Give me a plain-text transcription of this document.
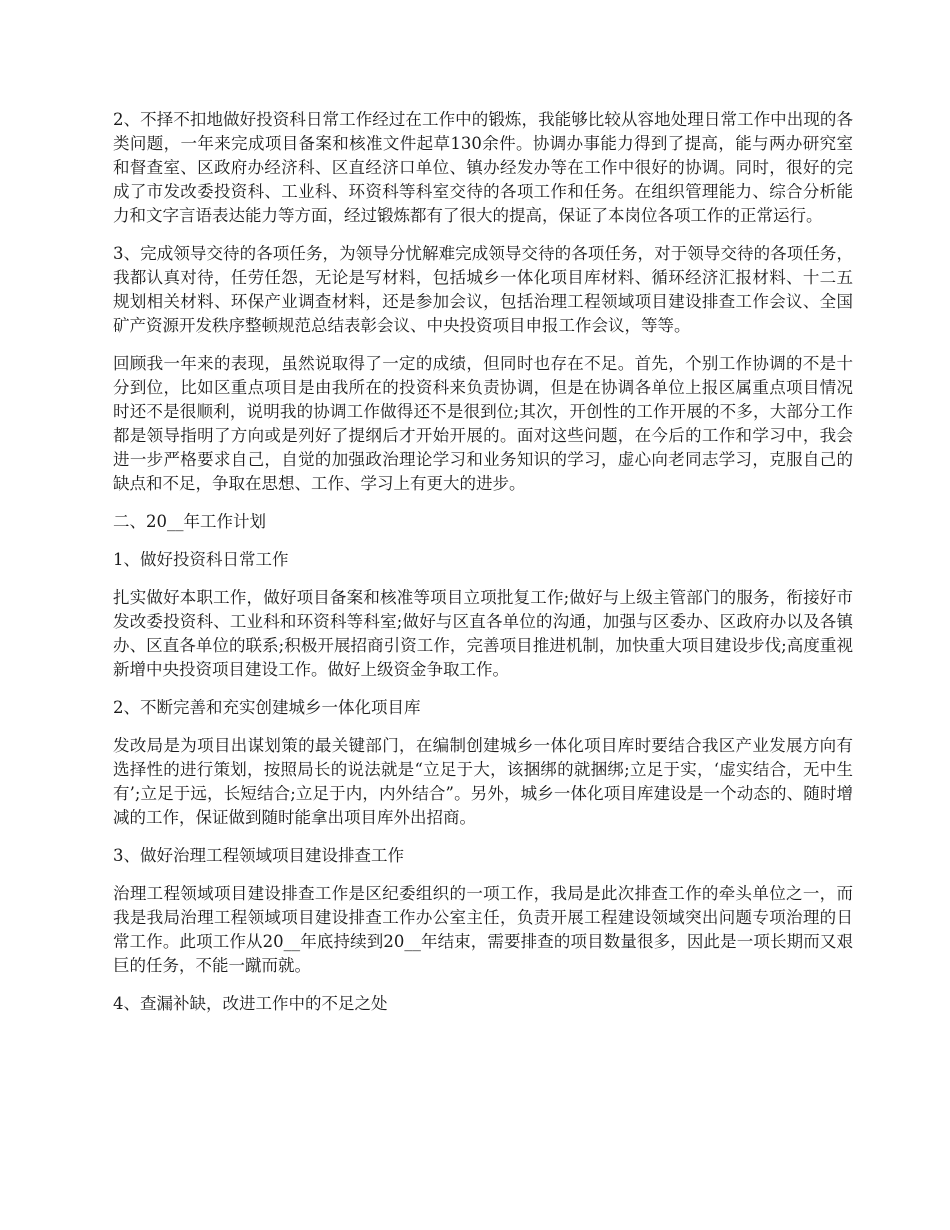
2、不择不扣地做好投资科日常工作经过在工作中的锻炼，我能够比较从容地处理日常工作中出现的各类问题，一年来完成项目备案和核准文件起草130余件。协调办事能力得到了提高，能与两办研究室和督查室、区政府办经济科、区直经济口单位、镇办经发办等在工作中很好的协调。同时，很好的完成了市发改委投资科、工业科、环资科等科室交待的各项工作和任务。在组织管理能力、综合分析能力和文字言语表达能力等方面，经过锻炼都有了很大的提高，保证了本岗位各项工作的正常运行。

3、完成领导交待的各项任务，为领导分忧解难完成领导交待的各项任务，对于领导交待的各项任务，我都认真对待，任劳任怨，无论是写材料，包括城乡一体化项目库材料、循环经济汇报材料、十二五规划相关材料、环保产业调查材料，还是参加会议，包括治理工程领域项目建设排查工作会议、全国矿产资源开发秩序整顿规范总结表彰会议、中央投资项目申报工作会议，等等。

回顾我一年来的表现，虽然说取得了一定的成绩，但同时也存在不足。首先，个别工作协调的不是十分到位，比如区重点项目是由我所在的投资科来负责协调，但是在协调各单位上报区属重点项目情况时还不是很顺利，说明我的协调工作做得还不是很到位;其次，开创性的工作开展的不多，大部分工作都是领导指明了方向或是列好了提纲后才开始开展的。面对这些问题，在今后的工作和学习中，我会进一步严格要求自己，自觉的加强政治理论学习和业务知识的学习，虚心向老同志学习，克服自己的缺点和不足，争取在思想、工作、学习上有更大的进步。

二、20__年工作计划

1、做好投资科日常工作

扎实做好本职工作，做好项目备案和核准等项目立项批复工作;做好与上级主管部门的服务，衔接好市发改委投资科、工业科和环资科等科室;做好与区直各单位的沟通，加强与区委办、区政府办以及各镇办、区直各单位的联系;积极开展招商引资工作，完善项目推进机制，加快重大项目建设步伐;高度重视新增中央投资项目建设工作。做好上级资金争取工作。

2、不断完善和充实创建城乡一体化项目库

发改局是为项目出谋划策的最关键部门，在编制创建城乡一体化项目库时要结合我区产业发展方向有选择性的进行策划，按照局长的说法就是“立足于大，该捆绑的就捆绑;立足于实，‘虚实结合，无中生有’;立足于远，长短结合;立足于内，内外结合”。另外，城乡一体化项目库建设是一个动态的、随时增减的工作，保证做到随时能拿出项目库外出招商。

3、做好治理工程领域项目建设排查工作

治理工程领域项目建设排查工作是区纪委组织的一项工作，我局是此次排查工作的牵头单位之一，而我是我局治理工程领域项目建设排查工作办公室主任，负责开展工程建设领域突出问题专项治理的日常工作。此项工作从20__年底持续到20__年结束，需要排查的项目数量很多，因此是一项长期而又艰巨的任务，不能一蹴而就。

4、查漏补缺，改进工作中的不足之处
